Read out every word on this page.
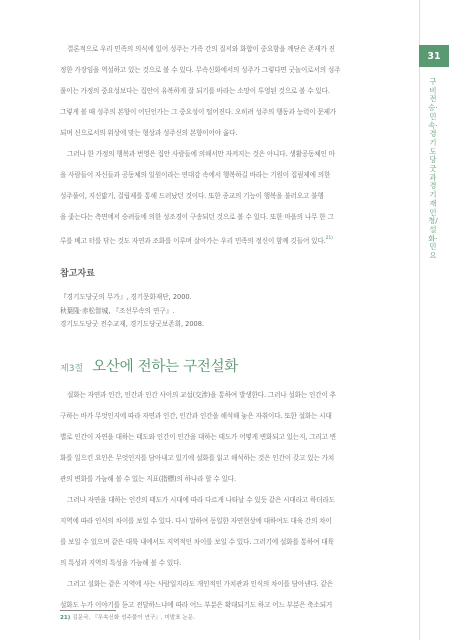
결론적으로 우리 민족의 의식에 있어 성주는 가족 간의 질서와 화합이 중요함을 깨닫은 존재가 진
정한 가장임을 역설하고 있는 것으로 볼 수 있다. 무속신화에서의 성주가 그렇다면 굿놀이로서의 성주
풀이는 가정의 중요성보다는 집안이 유복하게 잘 되기를 바라는 소망이 투영된 것으로 볼 수 있다.
그렇게 볼 때 성주의 본향이 어딘인가는 그 중요성이 떨어진다. 오히려 성주의 행동과 능력이 문제가
되며 신으로서의 위상에 맞는 형상과 성주신의 본향이어야 옳다.
그러나 한 가정의 행복과 번영은 집안 사람들에 의해서만 자켜지는 것은 아니다. 생활공동체인 마
을 사람들이 자신들과 공동체의 일원이라는 연대감 속에서 행복하길 바라는 기원이 집림제에 의한
성주풀이, 지신밟기, 걸립제를 통해 드러났던 것이다. 또한 종교의 기능이 행복을 불러오고 불행
을 좇는다는 측면에서 승려들에 의한 성조경이 구송되던 것으로 볼 수 있다. 또한 마을의 나무 한 그
루를 베고 터를 닦는 것도 자연과 조화를 이루며 살아가는 우리 민족의 정신이 함께 깃들어 있다.$^{21)}$
참고자료
『경기도당굿의 무가』, 경기문화재단, 2000.
秋葉隆·赤松智城, 『조선무속의 연구』.
경기도도당굿 전수교재, 경기도당굿보존회, 2008.
제3절 오산에 전하는 구전설화
설화는 자연과 인간, 인간과 인간 사이의 교섭(交涉)을 통하여 발생한다. 그러나 설화는 인간이 추
구하는 바가 무엇인지에 따라 자연과 인간, 인간과 인간을 해석해 놓은 자취이다. 또한 설화는 시대
별로 인간이 자연을 대하는 태도와 인간이 인간을 대하는 태도가 어떻게 변화되고 있는지, 그리고 변
화를 일으킨 요인은 무엇인지를 담아내고 있기에 설화를 읽고 해석하는 것은 인간이 갖고 있는 가치
관의 변화를 가늠해 볼 수 있는 지표(指標)의 하나라 할 수 있다.
그러나 자연을 대하는 인간의 태도가 시대에 따라 다르게 나타날 수 있듯 같은 시대라고 하더라도
지역에 따라 인식의 차이를 보일 수 있다. 다시 말하여 동일한 자연현상에 대하여도 대육 간의 차이
를 보일 수 있으며 같은 대륙 내에서도 지역적인 차이를 보일 수 있다. 그러기에 설화를 통하여 대륙
의 특성과 지역의 특성을 가늠해 볼 수 있다.
그러고 설화는 같은 지역에 사는 사람일지라도 개인적인 가치관과 인식의 차이를 담아낸다. 같은
설화도 누가 이야기를 듣고 전달하느냐에 따라 어느 부분은 확대되기도 하고 어느 부분은 축소되거
21) 김문국, 『무속신화 성주풀이 연구』, 미발표 논문.
31
구비전승·민속·경기도당굿과경기재인청/설화·민요
